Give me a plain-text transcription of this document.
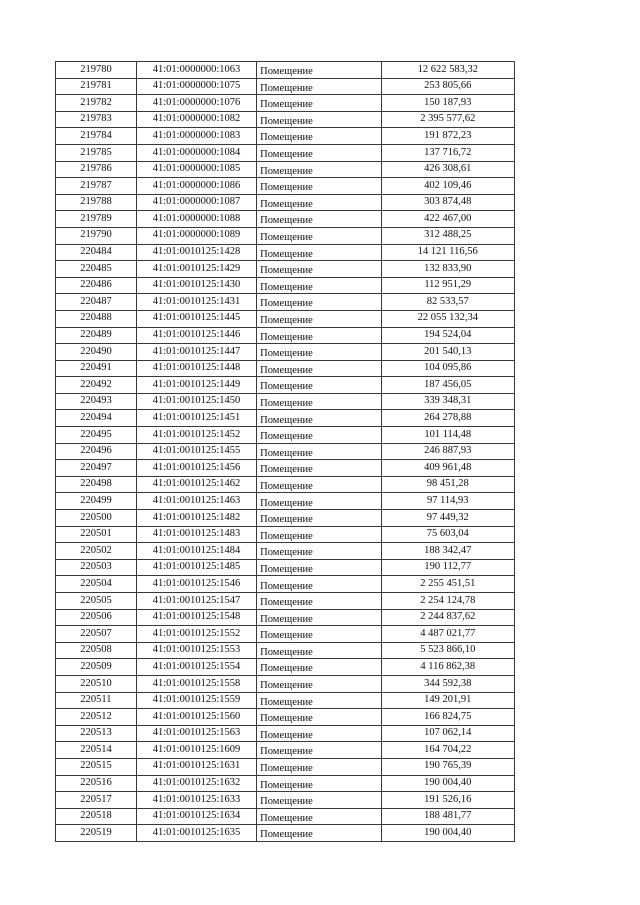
219780	41:01:0000000:1063	Помещение	12 622 583,32
219781	41:01:0000000:1075	Помещение	253 805,66
219782	41:01:0000000:1076	Помещение	150 187,93
219783	41:01:0000000:1082	Помещение	2 395 577,62
219784	41:01:0000000:1083	Помещение	191 872,23
219785	41:01:0000000:1084	Помещение	137 716,72
219786	41:01:0000000:1085	Помещение	426 308,61
219787	41:01:0000000:1086	Помещение	402 109,46
219788	41:01:0000000:1087	Помещение	303 874,48
219789	41:01:0000000:1088	Помещение	422 467,00
219790	41:01:0000000:1089	Помещение	312 488,25
220484	41:01:0010125:1428	Помещение	14 121 116,56
220485	41:01:0010125:1429	Помещение	132 833,90
220486	41:01:0010125:1430	Помещение	112 951,29
220487	41:01:0010125:1431	Помещение	82 533,57
220488	41:01:0010125:1445	Помещение	22 055 132,34
220489	41:01:0010125:1446	Помещение	194 524,04
220490	41:01:0010125:1447	Помещение	201 540,13
220491	41:01:0010125:1448	Помещение	104 095,86
220492	41:01:0010125:1449	Помещение	187 456,05
220493	41:01:0010125:1450	Помещение	339 348,31
220494	41:01:0010125:1451	Помещение	264 278,88
220495	41:01:0010125:1452	Помещение	101 114,48
220496	41:01:0010125:1455	Помещение	246 887,93
220497	41:01:0010125:1456	Помещение	409 961,48
220498	41:01:0010125:1462	Помещение	98 451,28
220499	41:01:0010125:1463	Помещение	97 114,93
220500	41:01:0010125:1482	Помещение	97 449,32
220501	41:01:0010125:1483	Помещение	75 603,04
220502	41:01:0010125:1484	Помещение	188 342,47
220503	41:01:0010125:1485	Помещение	190 112,77
220504	41:01:0010125:1546	Помещение	2 255 451,51
220505	41:01:0010125:1547	Помещение	2 254 124,78
220506	41:01:0010125:1548	Помещение	2 244 837,62
220507	41:01:0010125:1552	Помещение	4 487 021,77
220508	41:01:0010125:1553	Помещение	5 523 866,10
220509	41:01:0010125:1554	Помещение	4 116 862,38
220510	41:01:0010125:1558	Помещение	344 592,38
220511	41:01:0010125:1559	Помещение	149 201,91
220512	41:01:0010125:1560	Помещение	166 824,75
220513	41:01:0010125:1563	Помещение	107 062,14
220514	41:01:0010125:1609	Помещение	164 704,22
220515	41:01:0010125:1631	Помещение	190 765,39
220516	41:01:0010125:1632	Помещение	190 004,40
220517	41:01:0010125:1633	Помещение	191 526,16
220518	41:01:0010125:1634	Помещение	188 481,77
220519	41:01:0010125:1635	Помещение	190 004,40
